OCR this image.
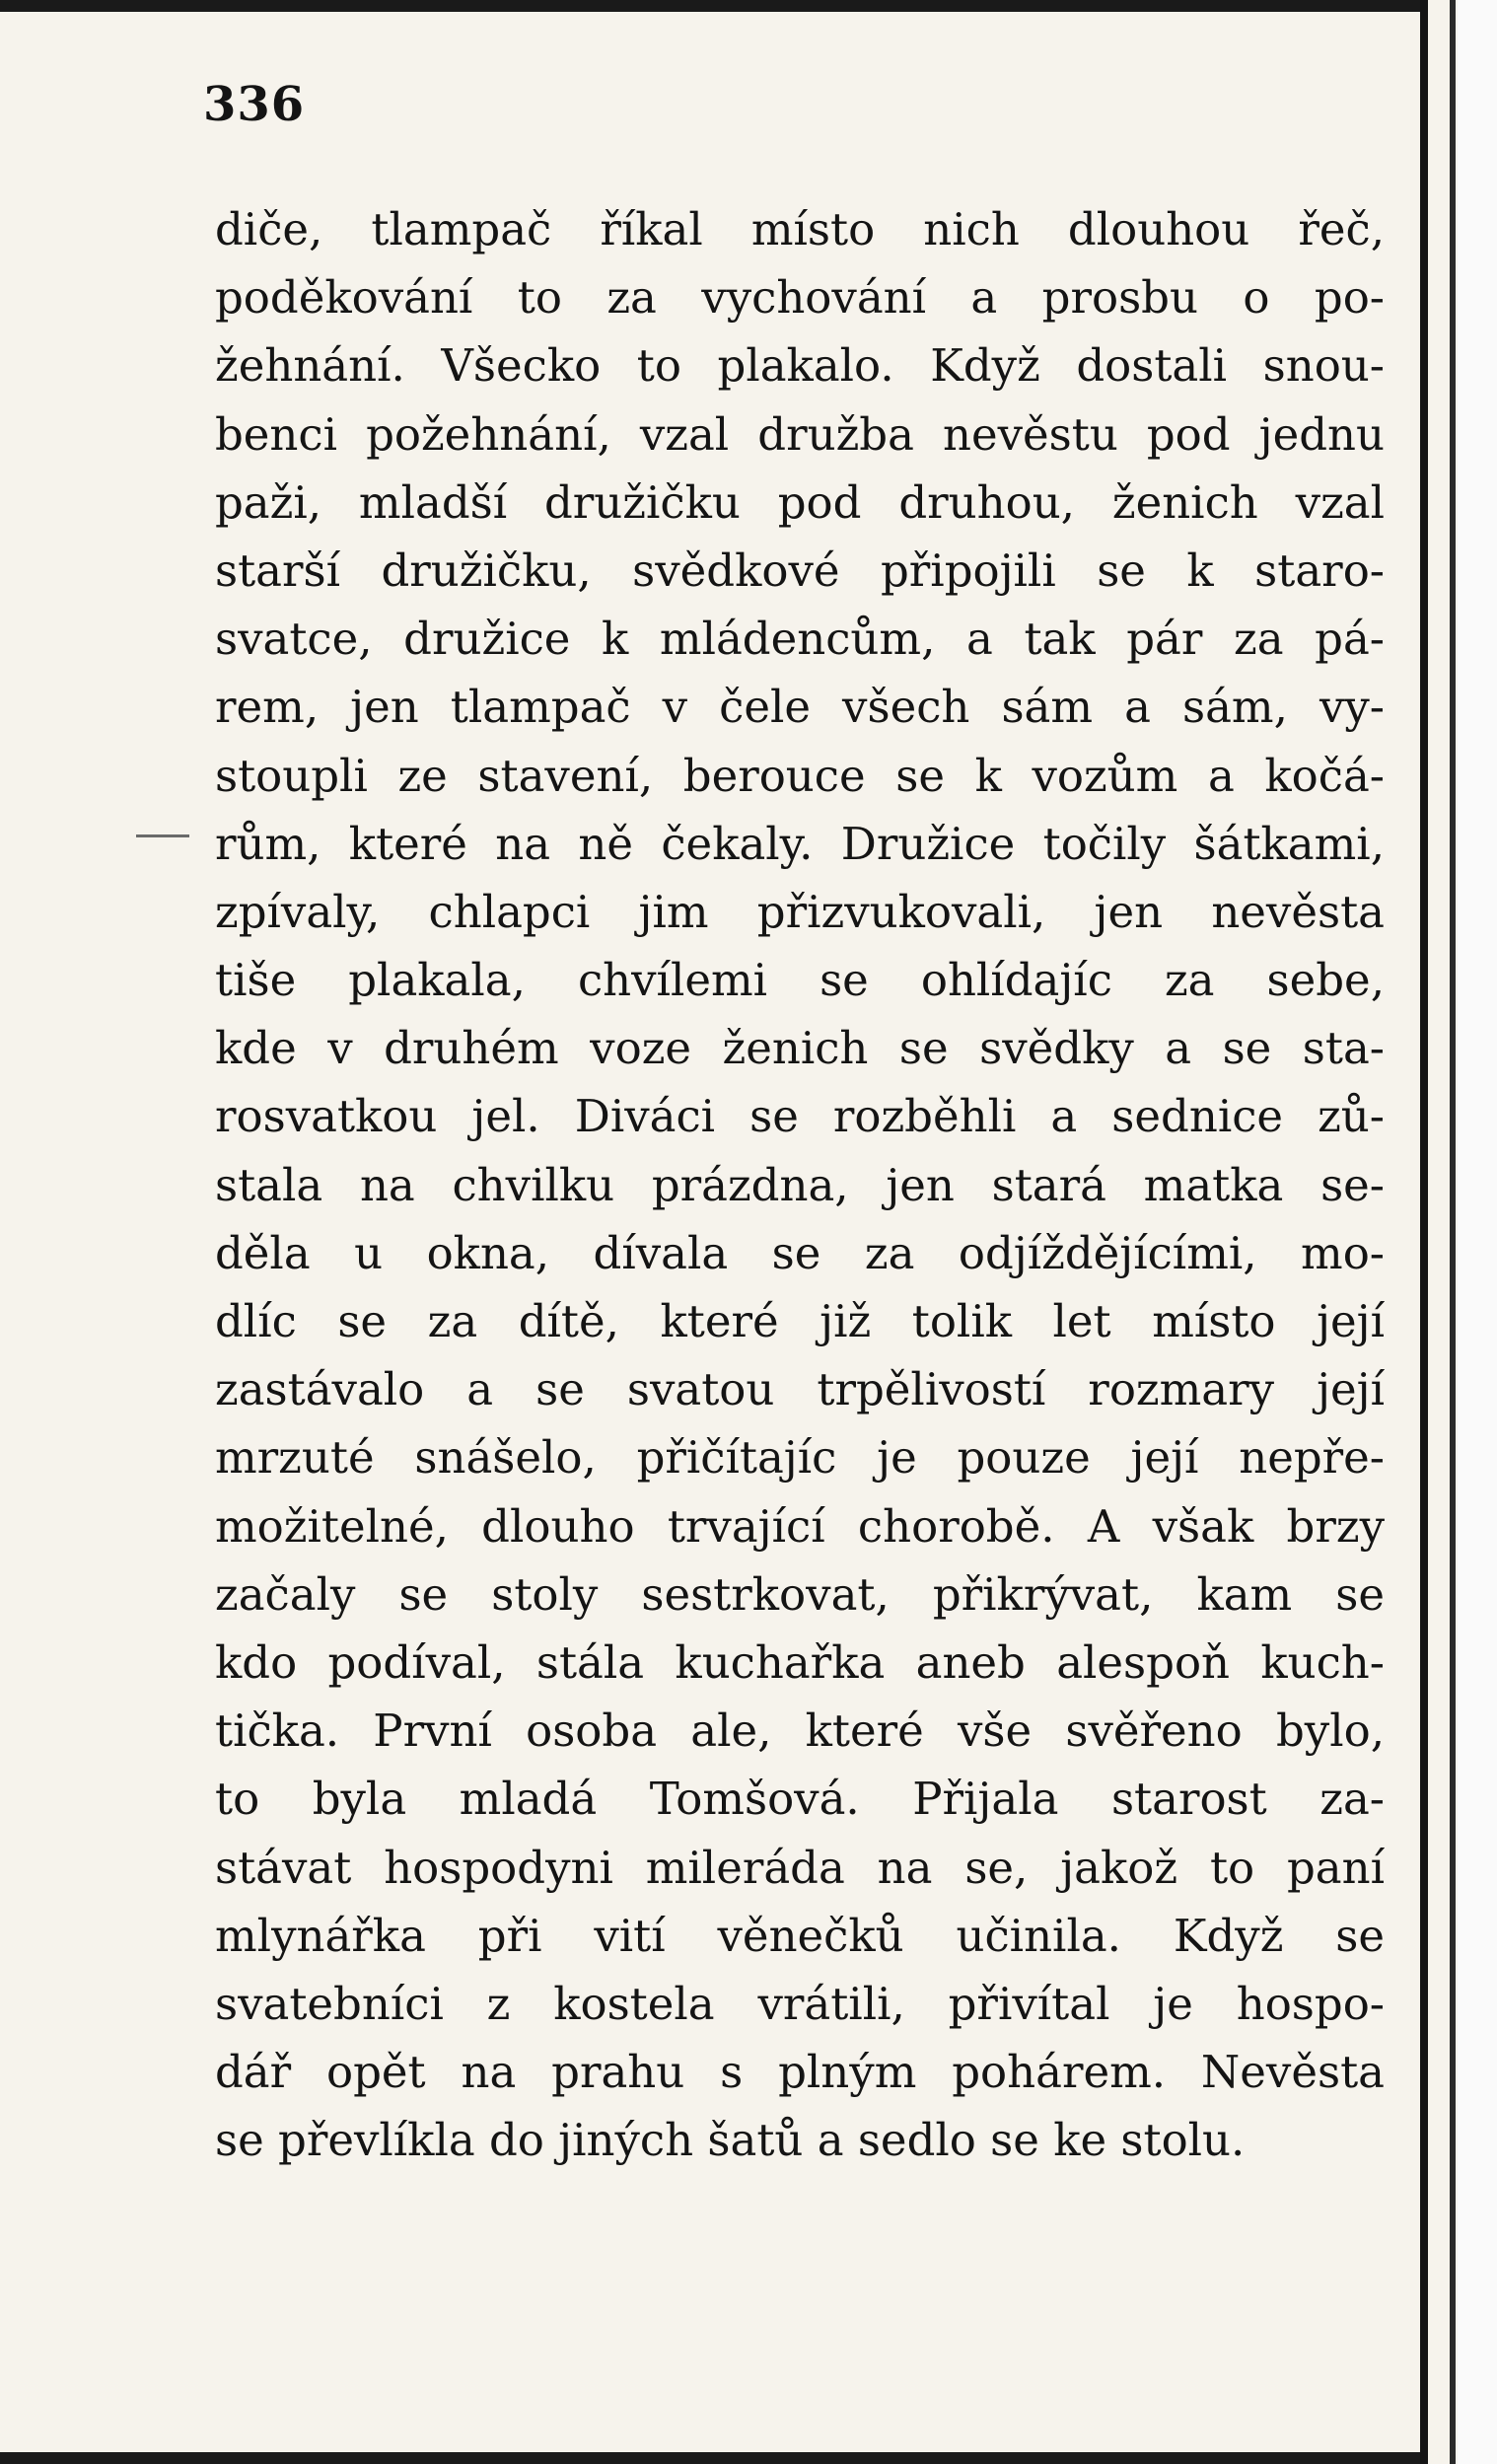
336
diče, tlampač říkal místo nich dlouhou řeč,
poděkování to za vychování a prosbu o po-
žehnání. Všecko to plakalo. Když dostali snou-
benci požehnání, vzal družba nevěstu pod jednu
paži, mladší družičku pod druhou, ženich vzal
starší družičku, svědkové připojili se k staro-
svatce, družice k mládencům, a tak pár za pá-
rem, jen tlampač v čele všech sám a sám, vy-
stoupli ze stavení, berouce se k vozům a kočá-
rům, které na ně čekaly. Družice točily šátkami,
zpívaly, chlapci jim přizvukovali, jen nevěsta
tiše plakala, chvílemi se ohlídajíc za sebe,
kde v druhém voze ženich se svědky a se sta-
rosvatkou jel. Diváci se rozběhli a sednice zů-
stala na chvilku prázdna, jen stará matka se-
děla u okna, dívala se za odjíždějícími, mo-
dlíc se za dítě, které již tolik let místo její
zastávalo a se svatou trpělivostí rozmary její
mrzuté snášelo, přičítajíc je pouze její nepře-
možitelné, dlouho trvající chorobě. A však brzy
začaly se stoly sestrkovat, přikrývat, kam se
kdo podíval, stála kuchařka aneb alespoň kuch-
tička. První osoba ale, které vše svěřeno bylo,
to byla mladá Tomšová. Přijala starost za-
stávat hospodyni mileráda na se, jakož to paní
mlynářka při vití věnečků učinila. Když se
svatebníci z kostela vrátili, přivítal je hospo-
dář opět na prahu s plným pohárem. Nevěsta
se převlíkla do jiných šatů a sedlo se ke stolu.
